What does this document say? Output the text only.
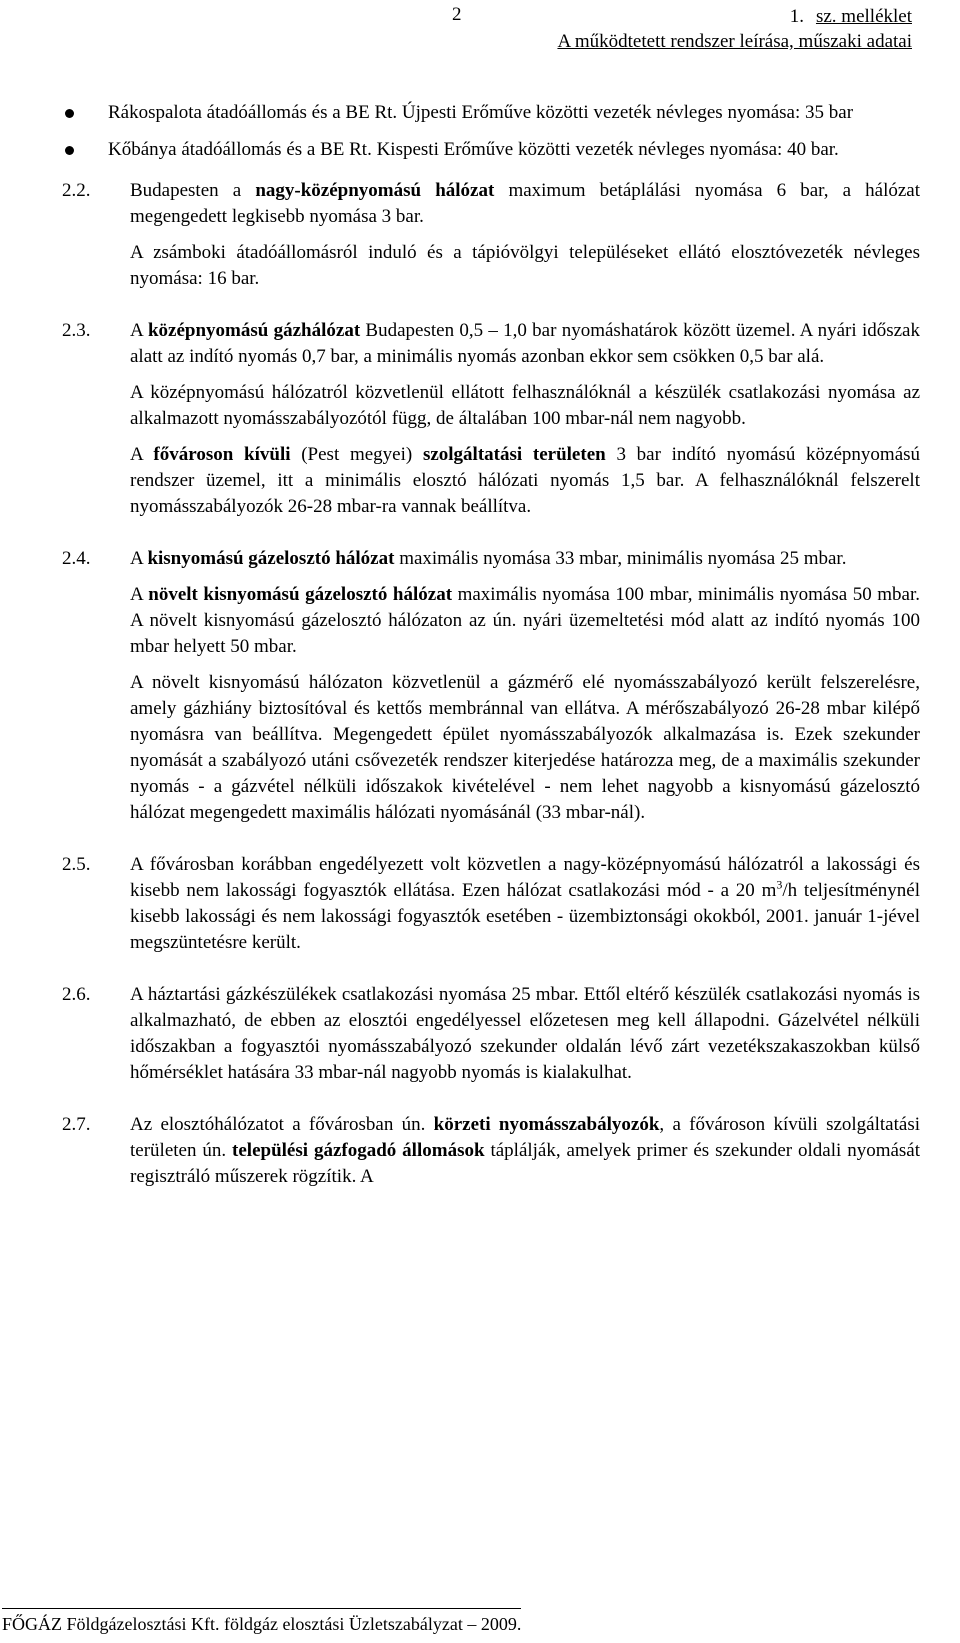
2	1. sz. melléklet
A működtetett rendszer leírása, műszaki adatai
Rákospalota átadóállomás és a BE Rt. Újpesti Erőműve közötti vezeték névleges nyomása: 35 bar
Kőbánya átadóállomás és a BE Rt. Kispesti Erőműve közötti vezeték névleges nyomása: 40 bar.
2.2. Budapesten a nagy-középnyomású hálózat maximum betáplálási nyomása 6 bar, a hálózat megengedett legkisebb nyomása 3 bar.

A zsámboki átadóállomásról induló és a tápióvölgyi településeket ellátó elosztóvezeték névleges nyomása: 16 bar.

2.3. A középnyomású gázhálózat Budapesten 0,5 – 1,0 bar nyomáshatárok között üzemel. A nyári időszak alatt az indító nyomás 0,7 bar, a minimális nyomás azonban ekkor sem csökken 0,5 bar alá.

A középnyomású hálózatról közvetlenül ellátott felhasználóknál a készülék csatlakozási nyomása az alkalmazott nyomásszabályozótól függ, de általában 100 mbar-nál nem nagyobb.

A fővároson kívüli (Pest megyei) szolgáltatási területen 3 bar indító nyomású középnyomású rendszer üzemel, itt a minimális elosztó hálózati nyomás 1,5 bar. A felhasználóknál felszerelt nyomásszabályozók 26-28 mbar-ra vannak beállítva.

2.4. A kisnyomású gázelosztó hálózat maximális nyomása 33 mbar, minimális nyomása 25 mbar.

A növelt kisnyomású gázelosztó hálózat maximális nyomása 100 mbar, minimális nyomása 50 mbar. A növelt kisnyomású gázelosztó hálózaton az ún. nyári üzemeltetési mód alatt az indító nyomás 100 mbar helyett 50 mbar.

A növelt kisnyomású hálózaton közvetlenül a gázmérő elé nyomásszabályozó került felszerelésre, amely gázhiány biztosítóval és kettős membránnal van ellátva. A mérőszabályozó 26-28 mbar kilépő nyomásra van beállítva. Megengedett épület nyomásszabályozók alkalmazása is. Ezek szekunder nyomását a szabályozó utáni csővezeték rendszer kiterjedése határozza meg, de a maximális szekunder nyomás - a gázvétel nélküli időszakok kivételével - nem lehet nagyobb a kisnyomású gázelosztó hálózat megengedett maximális hálózati nyomásánál (33 mbar-nál).

2.5. A fővárosban korábban engedélyezett volt közvetlen a nagy-középnyomású hálózatról a lakossági és kisebb nem lakossági fogyasztók ellátása. Ezen hálózat csatlakozási mód - a 20 $m^3/h$ teljesítménynél kisebb lakossági és nem lakossági fogyasztók esetében - üzembiztonsági okokból, 2001. január 1-jével megszüntetésre került.

2.6. A háztartási gázkészülékek csatlakozási nyomása 25 mbar. Ettől eltérő készülék csatlakozási nyomás is alkalmazható, de ebben az elosztói engedélyessel előzetesen meg kell állapodni. Gázelvétel nélküli időszakban a fogyasztói nyomásszabályozó szekunder oldalán lévő zárt vezetékszakaszokban külső hőmérséklet hatására 33 mbar-nál nagyobb nyomás is kialakulhat.

2.7. Az elosztóhálózatot a fővárosban ún. körzeti nyomásszabályozók, a fővároson kívüli szolgáltatási területen ún. települési gázfogadó állomások táplálják, amelyek primer és szekunder oldali nyomását regisztráló műszerek rögzítik. A

FŐGÁZ Földgázelosztási Kft. földgáz elosztási Üzletszabályzat – 2009.
